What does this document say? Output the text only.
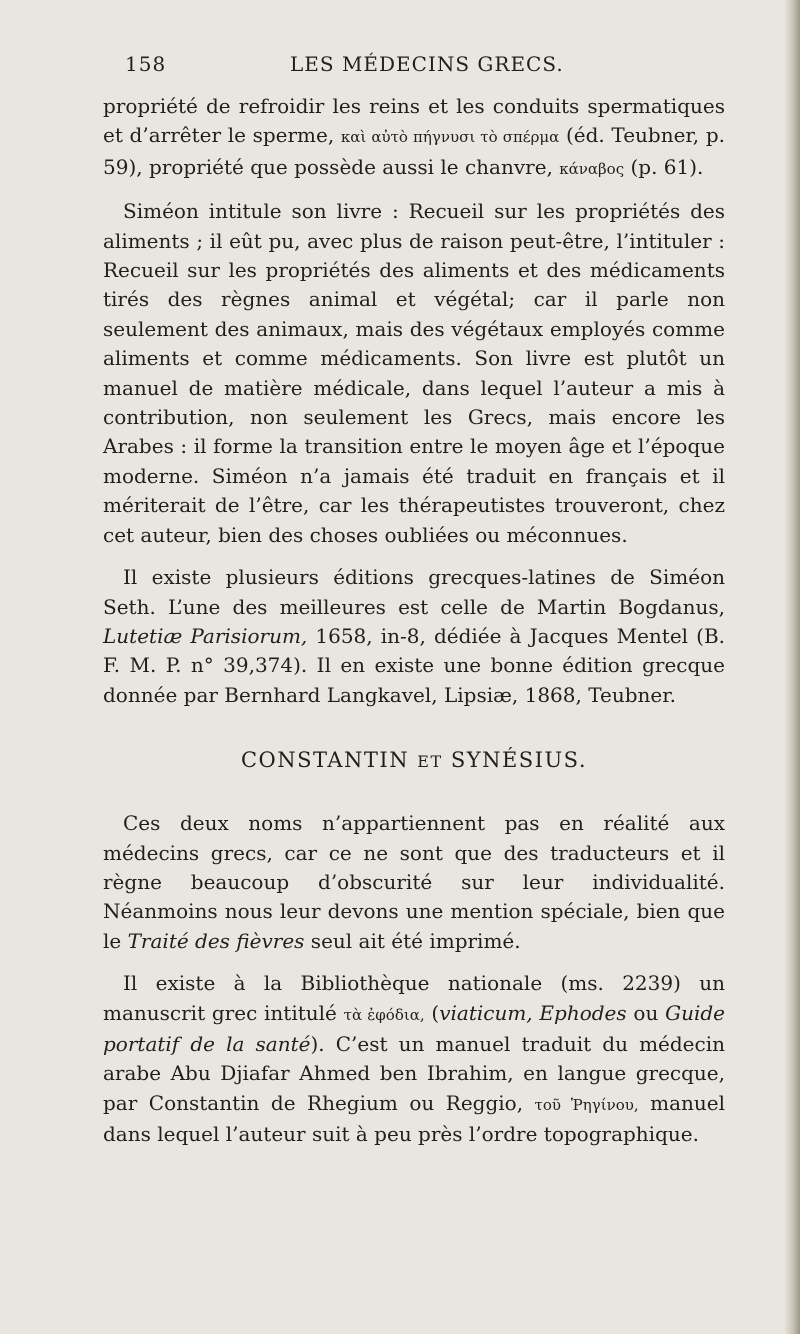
158	LES MÉDECINS GRECS.

propriété de refroidir les reins et les conduits spermatiques et d’arrêter le sperme, καὶ αὐτὸ πήγνυσι τὸ σπέρμα (éd. Teubner, p. 59), propriété que possède aussi le chanvre, κάναβος (p. 61).

Siméon intitule son livre : Recueil sur les propriétés des aliments ; il eût pu, avec plus de raison peut-être, l’intituler : Recueil sur les propriétés des aliments et des médicaments tirés des règnes animal et végétal; car il parle non seulement des animaux, mais des végétaux employés comme aliments et comme médicaments. Son livre est plutôt un manuel de matière médicale, dans lequel l’auteur a mis à contribution, non seulement les Grecs, mais encore les Arabes : il forme la transition entre le moyen âge et l’époque moderne. Siméon n’a jamais été traduit en français et il mériterait de l’être, car les thérapeutistes trouveront, chez cet auteur, bien des choses oubliées ou méconnues.

Il existe plusieurs éditions grecques-latines de Siméon Seth. L’une des meilleures est celle de Martin Bogdanus, Lutetiæ Parisiorum, 1658, in-8, dédiée à Jacques Mentel (B. F. M. P. n° 39,374). Il en existe une bonne édition grecque donnée par Bernhard Langkavel, Lipsiæ, 1868, Teubner.

CONSTANTIN ET SYNÉSIUS.

Ces deux noms n’appartiennent pas en réalité aux médecins grecs, car ce ne sont que des traducteurs et il règne beaucoup d’obscurité sur leur individualité. Néanmoins nous leur devons une mention spéciale, bien que le Traité des fièvres seul ait été imprimé.

Il existe à la Bibliothèque nationale (ms. 2239) un manuscrit grec intitulé τὰ ἐφόδια, (viaticum, Ephodes ou Guide portatif de la santé). C’est un manuel traduit du médecin arabe Abu Djiafar Ahmed ben Ibrahim, en langue grecque, par Constantin de Rhegium ou Reggio, τοῦ Ῥηγίνου, manuel dans lequel l’auteur suit à peu près l’ordre topographique.
